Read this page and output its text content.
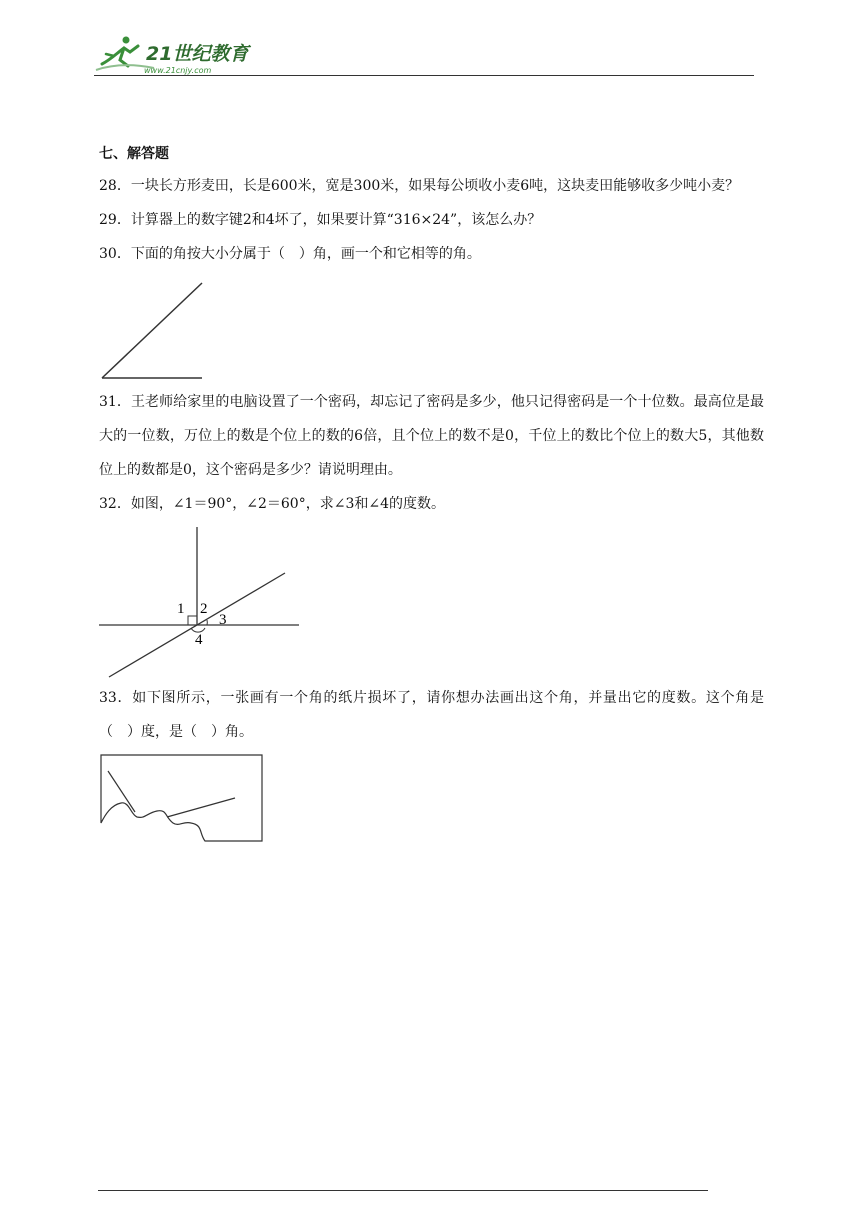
21世纪教育
www.21cnjy.com
七、解答题

28．一块长方形麦田，长是600米，宽是300米，如果每公顷收小麦6吨，这块麦田能够收多少吨小麦？

29．计算器上的数字键2和4坏了，如果要计算“316×24”，该怎么办？

30．下面的角按大小分属于（　）角，画一个和它相等的角。

31．王老师给家里的电脑设置了一个密码，却忘记了密码是多少，他只记得密码是一个十位数。最高位是最大的一位数，万位上的数是个位上的数的6倍，且个位上的数不是0，千位上的数比个位上的数大5，其他数位上的数都是0，这个密码是多少？请说明理由。

32．如图，∠1＝90°，∠2＝60°，求∠3和∠4的度数。

1 2
3
4

33．如下图所示，一张画有一个角的纸片损坏了，请你想办法画出这个角，并量出它的度数。这个角是（　）度，是（　）角。
